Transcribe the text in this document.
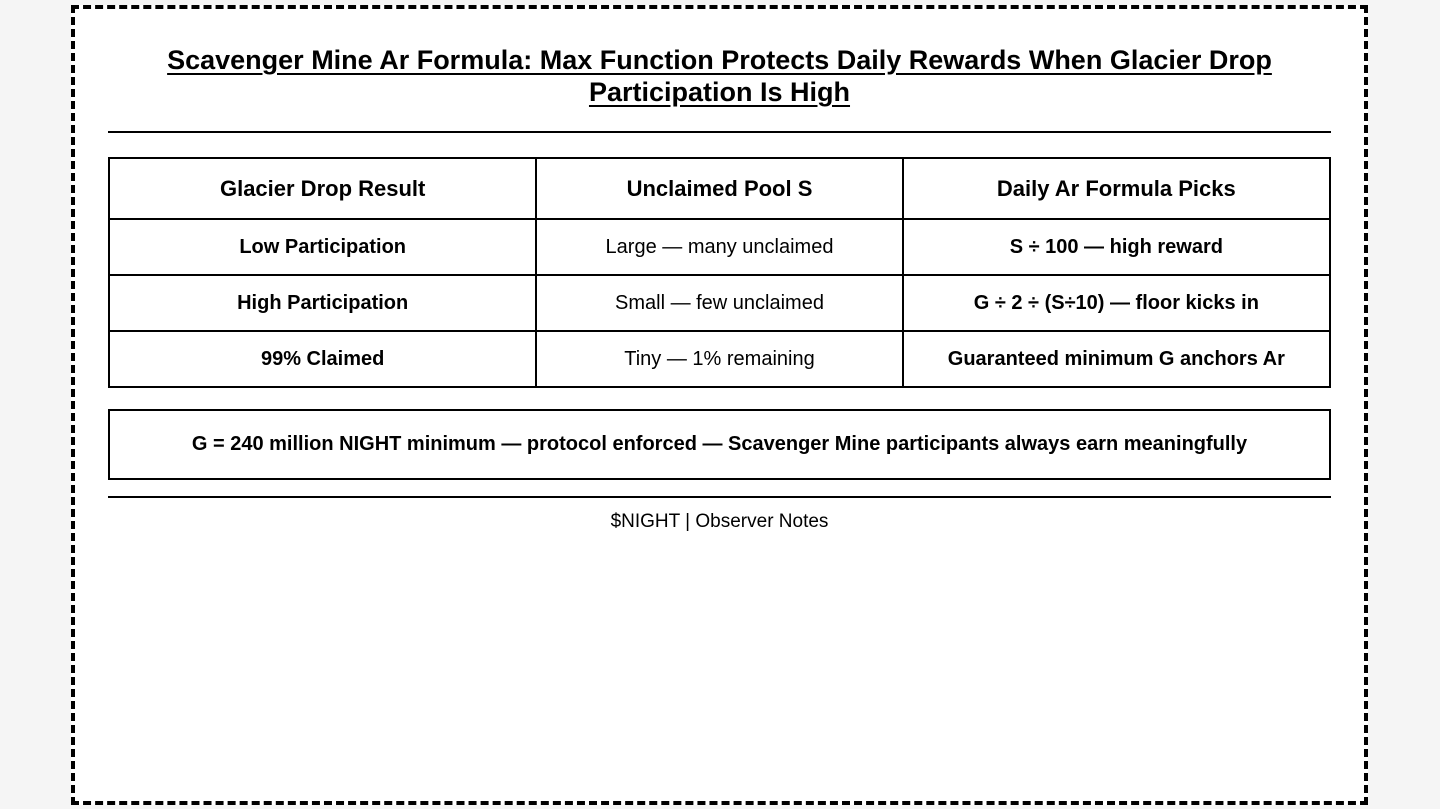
Scavenger Mine Ar Formula: Max Function Protects Daily Rewards When Glacier Drop Participation Is High
Glacier Drop Result	Unclaimed Pool S	Daily Ar Formula Picks
Low Participation	Large — many unclaimed	S ÷ 100 — high reward
High Participation	Small — few unclaimed	G ÷ 2 ÷ (S÷10) — floor kicks in
99% Claimed	Tiny — 1% remaining	Guaranteed minimum G anchors Ar
G = 240 million NIGHT minimum — protocol enforced — Scavenger Mine participants always earn meaningfully
$NIGHT | Observer Notes
